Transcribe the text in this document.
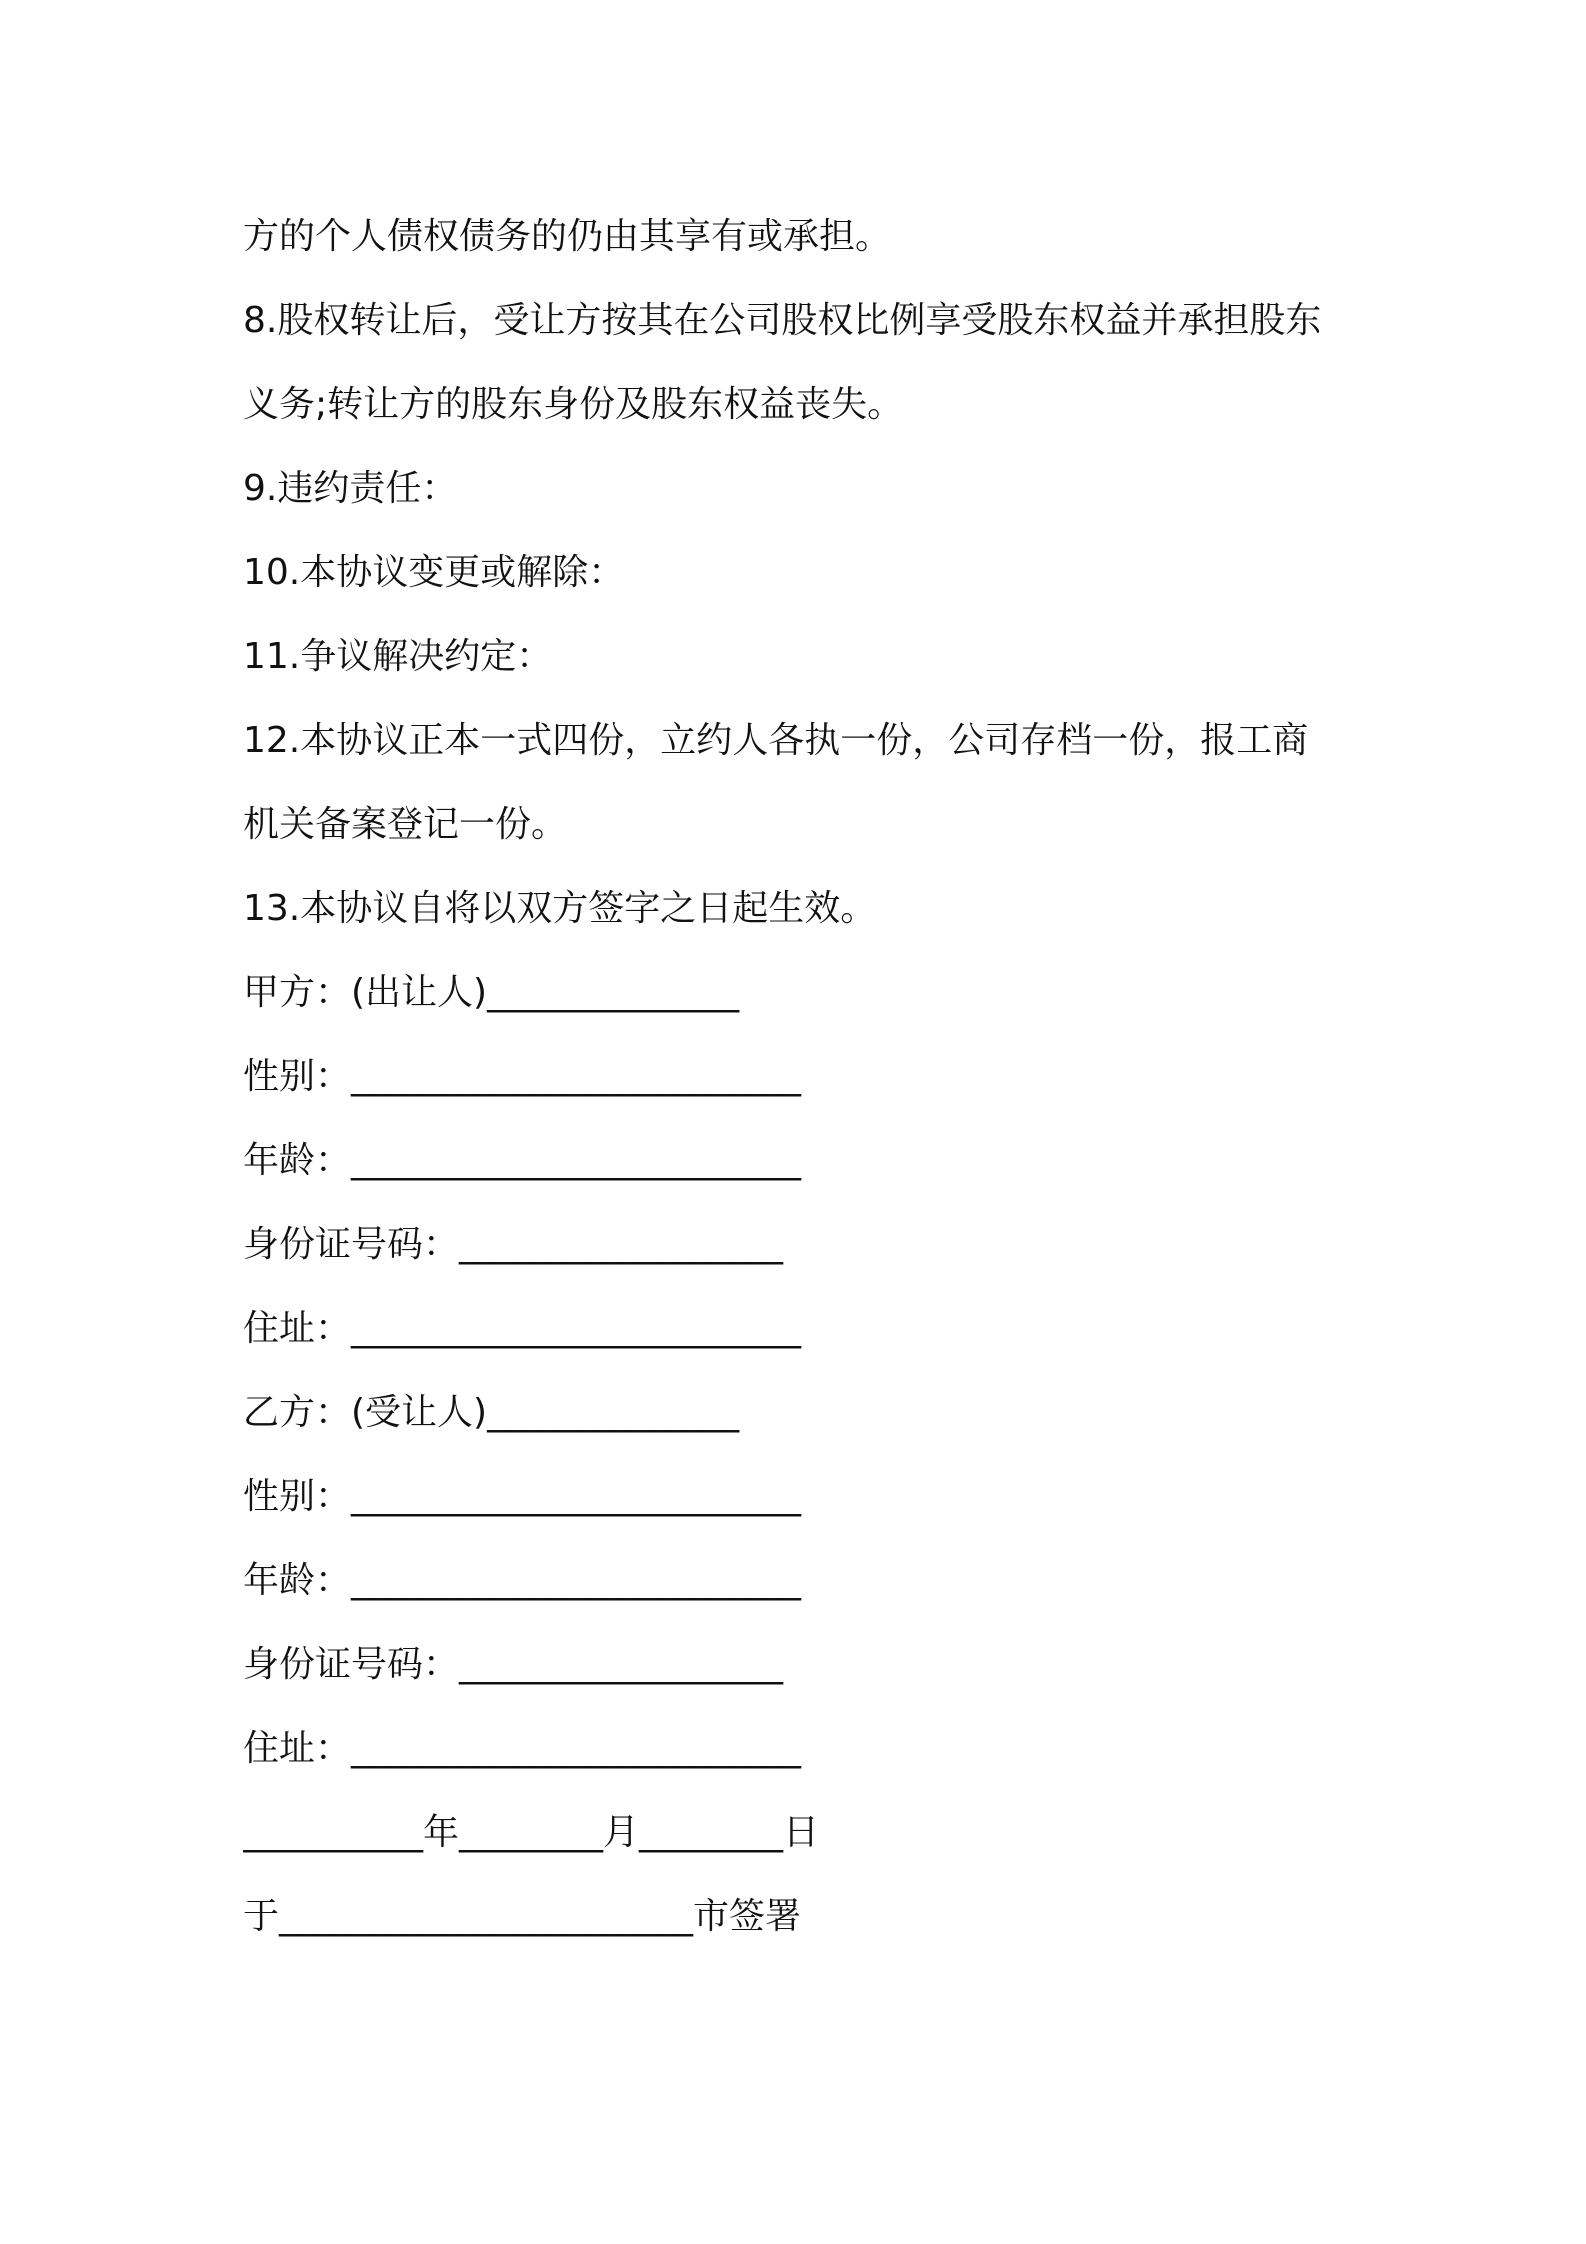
方的个人债权债务的仍由其享有或承担。
8.股权转让后，受让方按其在公司股权比例享受股东权益并承担股东
义务;转让方的股东身份及股东权益丧失。
9.违约责任：
10.本协议变更或解除：
11.争议解决约定：
12.本协议正本一式四份，立约人各执一份，公司存档一份，报工商
机关备案登记一份。
13.本协议自将以双方签字之日起生效。
甲方：(出让人)______________
性别：_________________________
年龄：_________________________
身份证号码：__________________
住址：_________________________
乙方：(受让人)______________
性别：_________________________
年龄：_________________________
身份证号码：__________________
住址：_________________________
__________年________月________日
于_______________________市签署
